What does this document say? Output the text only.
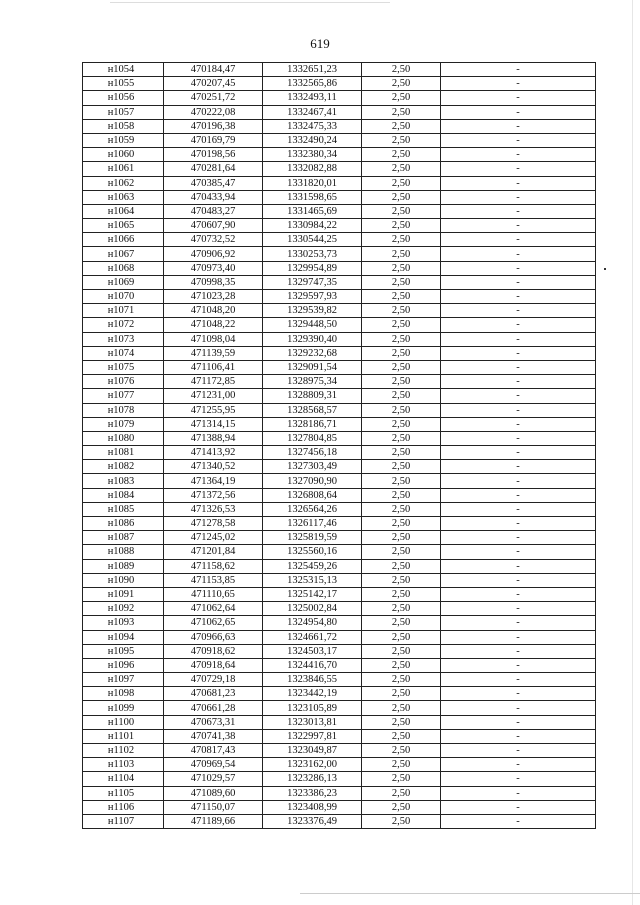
619
н1054	470184,47	1332651,23	2,50	-
н1055	470207,45	1332565,86	2,50	-
н1056	470251,72	1332493,11	2,50	-
н1057	470222,08	1332467,41	2,50	-
н1058	470196,38	1332475,33	2,50	-
н1059	470169,79	1332490,24	2,50	-
н1060	470198,56	1332380,34	2,50	-
н1061	470281,64	1332082,88	2,50	-
н1062	470385,47	1331820,01	2,50	-
н1063	470433,94	1331598,65	2,50	-
н1064	470483,27	1331465,69	2,50	-
н1065	470607,90	1330984,22	2,50	-
н1066	470732,52	1330544,25	2,50	-
н1067	470906,92	1330253,73	2,50	-
н1068	470973,40	1329954,89	2,50	-
н1069	470998,35	1329747,35	2,50	-
н1070	471023,28	1329597,93	2,50	-
н1071	471048,20	1329539,82	2,50	-
н1072	471048,22	1329448,50	2,50	-
н1073	471098,04	1329390,40	2,50	-
н1074	471139,59	1329232,68	2,50	-
н1075	471106,41	1329091,54	2,50	-
н1076	471172,85	1328975,34	2,50	-
н1077	471231,00	1328809,31	2,50	-
н1078	471255,95	1328568,57	2,50	-
н1079	471314,15	1328186,71	2,50	-
н1080	471388,94	1327804,85	2,50	-
н1081	471413,92	1327456,18	2,50	-
н1082	471340,52	1327303,49	2,50	-
н1083	471364,19	1327090,90	2,50	-
н1084	471372,56	1326808,64	2,50	-
н1085	471326,53	1326564,26	2,50	-
н1086	471278,58	1326117,46	2,50	-
н1087	471245,02	1325819,59	2,50	-
н1088	471201,84	1325560,16	2,50	-
н1089	471158,62	1325459,26	2,50	-
н1090	471153,85	1325315,13	2,50	-
н1091	471110,65	1325142,17	2,50	-
н1092	471062,64	1325002,84	2,50	-
н1093	471062,65	1324954,80	2,50	-
н1094	470966,63	1324661,72	2,50	-
н1095	470918,62	1324503,17	2,50	-
н1096	470918,64	1324416,70	2,50	-
н1097	470729,18	1323846,55	2,50	-
н1098	470681,23	1323442,19	2,50	-
н1099	470661,28	1323105,89	2,50	-
н1100	470673,31	1323013,81	2,50	-
н1101	470741,38	1322997,81	2,50	-
н1102	470817,43	1323049,87	2,50	-
н1103	470969,54	1323162,00	2,50	-
н1104	471029,57	1323286,13	2,50	-
н1105	471089,60	1323386,23	2,50	-
н1106	471150,07	1323408,99	2,50	-
н1107	471189,66	1323376,49	2,50	-
